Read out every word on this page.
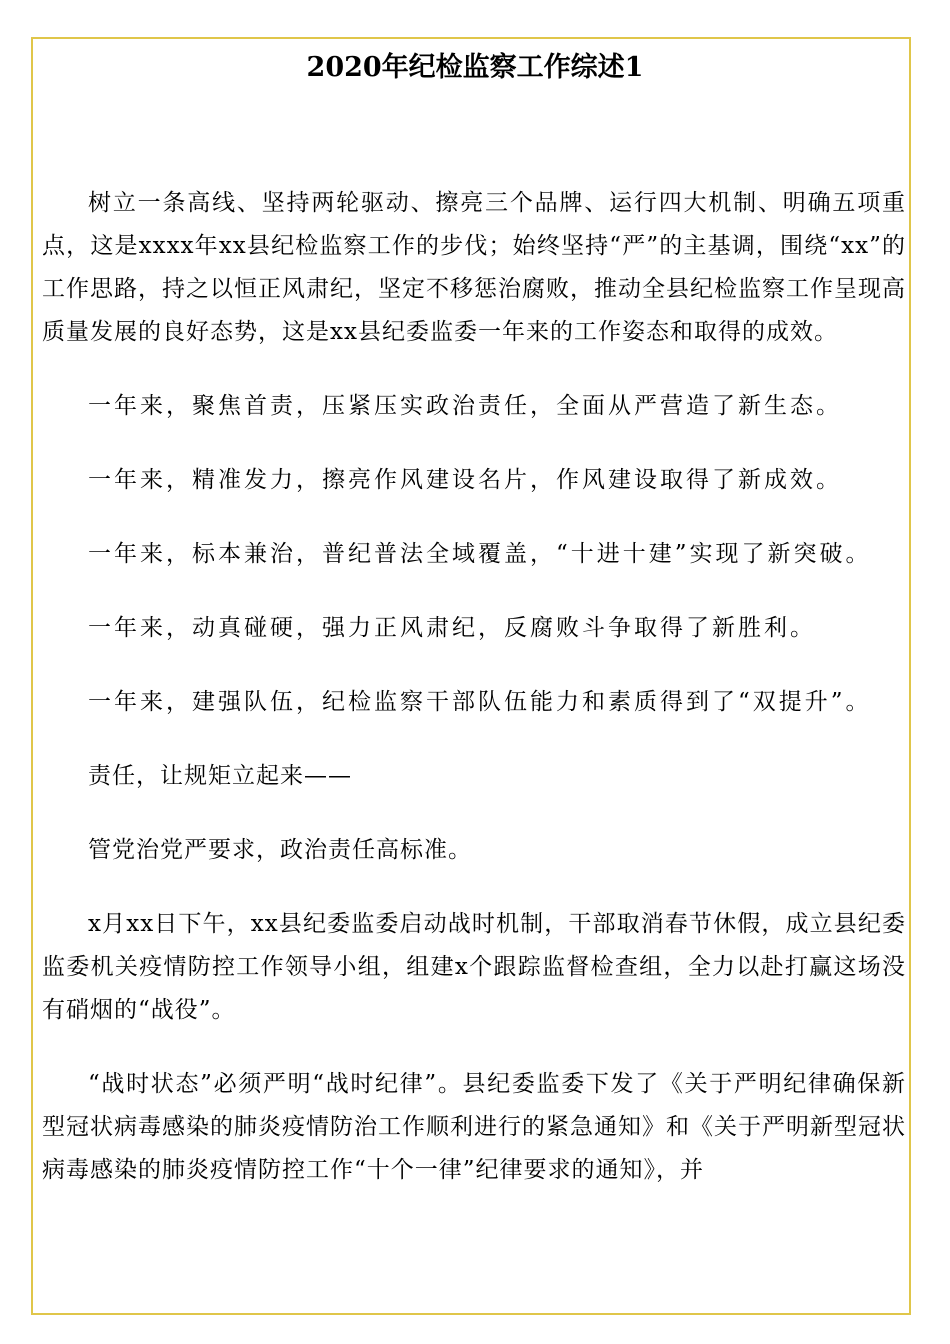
2020年纪检监察工作综述1

树立一条高线、坚持两轮驱动、擦亮三个品牌、运行四大机制、明确五项重点，这是xxxx年xx县纪检监察工作的步伐；始终坚持“严”的主基调，围绕“xx”的工作思路，持之以恒正风肃纪，坚定不移惩治腐败，推动全县纪检监察工作呈现高质量发展的良好态势，这是xx县纪委监委一年来的工作姿态和取得的成效。

一年来，聚焦首责，压紧压实政治责任，全面从严营造了新生态。

一年来，精准发力，擦亮作风建设名片，作风建设取得了新成效。

一年来，标本兼治，普纪普法全域覆盖，“十进十建”实现了新突破。

一年来，动真碰硬，强力正风肃纪，反腐败斗争取得了新胜利。

一年来，建强队伍，纪检监察干部队伍能力和素质得到了“双提升”。

责任，让规矩立起来——

管党治党严要求，政治责任高标准。

x月xx日下午，xx县纪委监委启动战时机制，干部取消春节休假，成立县纪委监委机关疫情防控工作领导小组，组建x个跟踪监督检查组，全力以赴打赢这场没有硝烟的“战役”。

“战时状态”必须严明“战时纪律”。县纪委监委下发了《关于严明纪律确保新型冠状病毒感染的肺炎疫情防治工作顺利进行的紧急通知》和《关于严明新型冠状病毒感染的肺炎疫情防控工作“十个一律”纪律要求的通知》，并
